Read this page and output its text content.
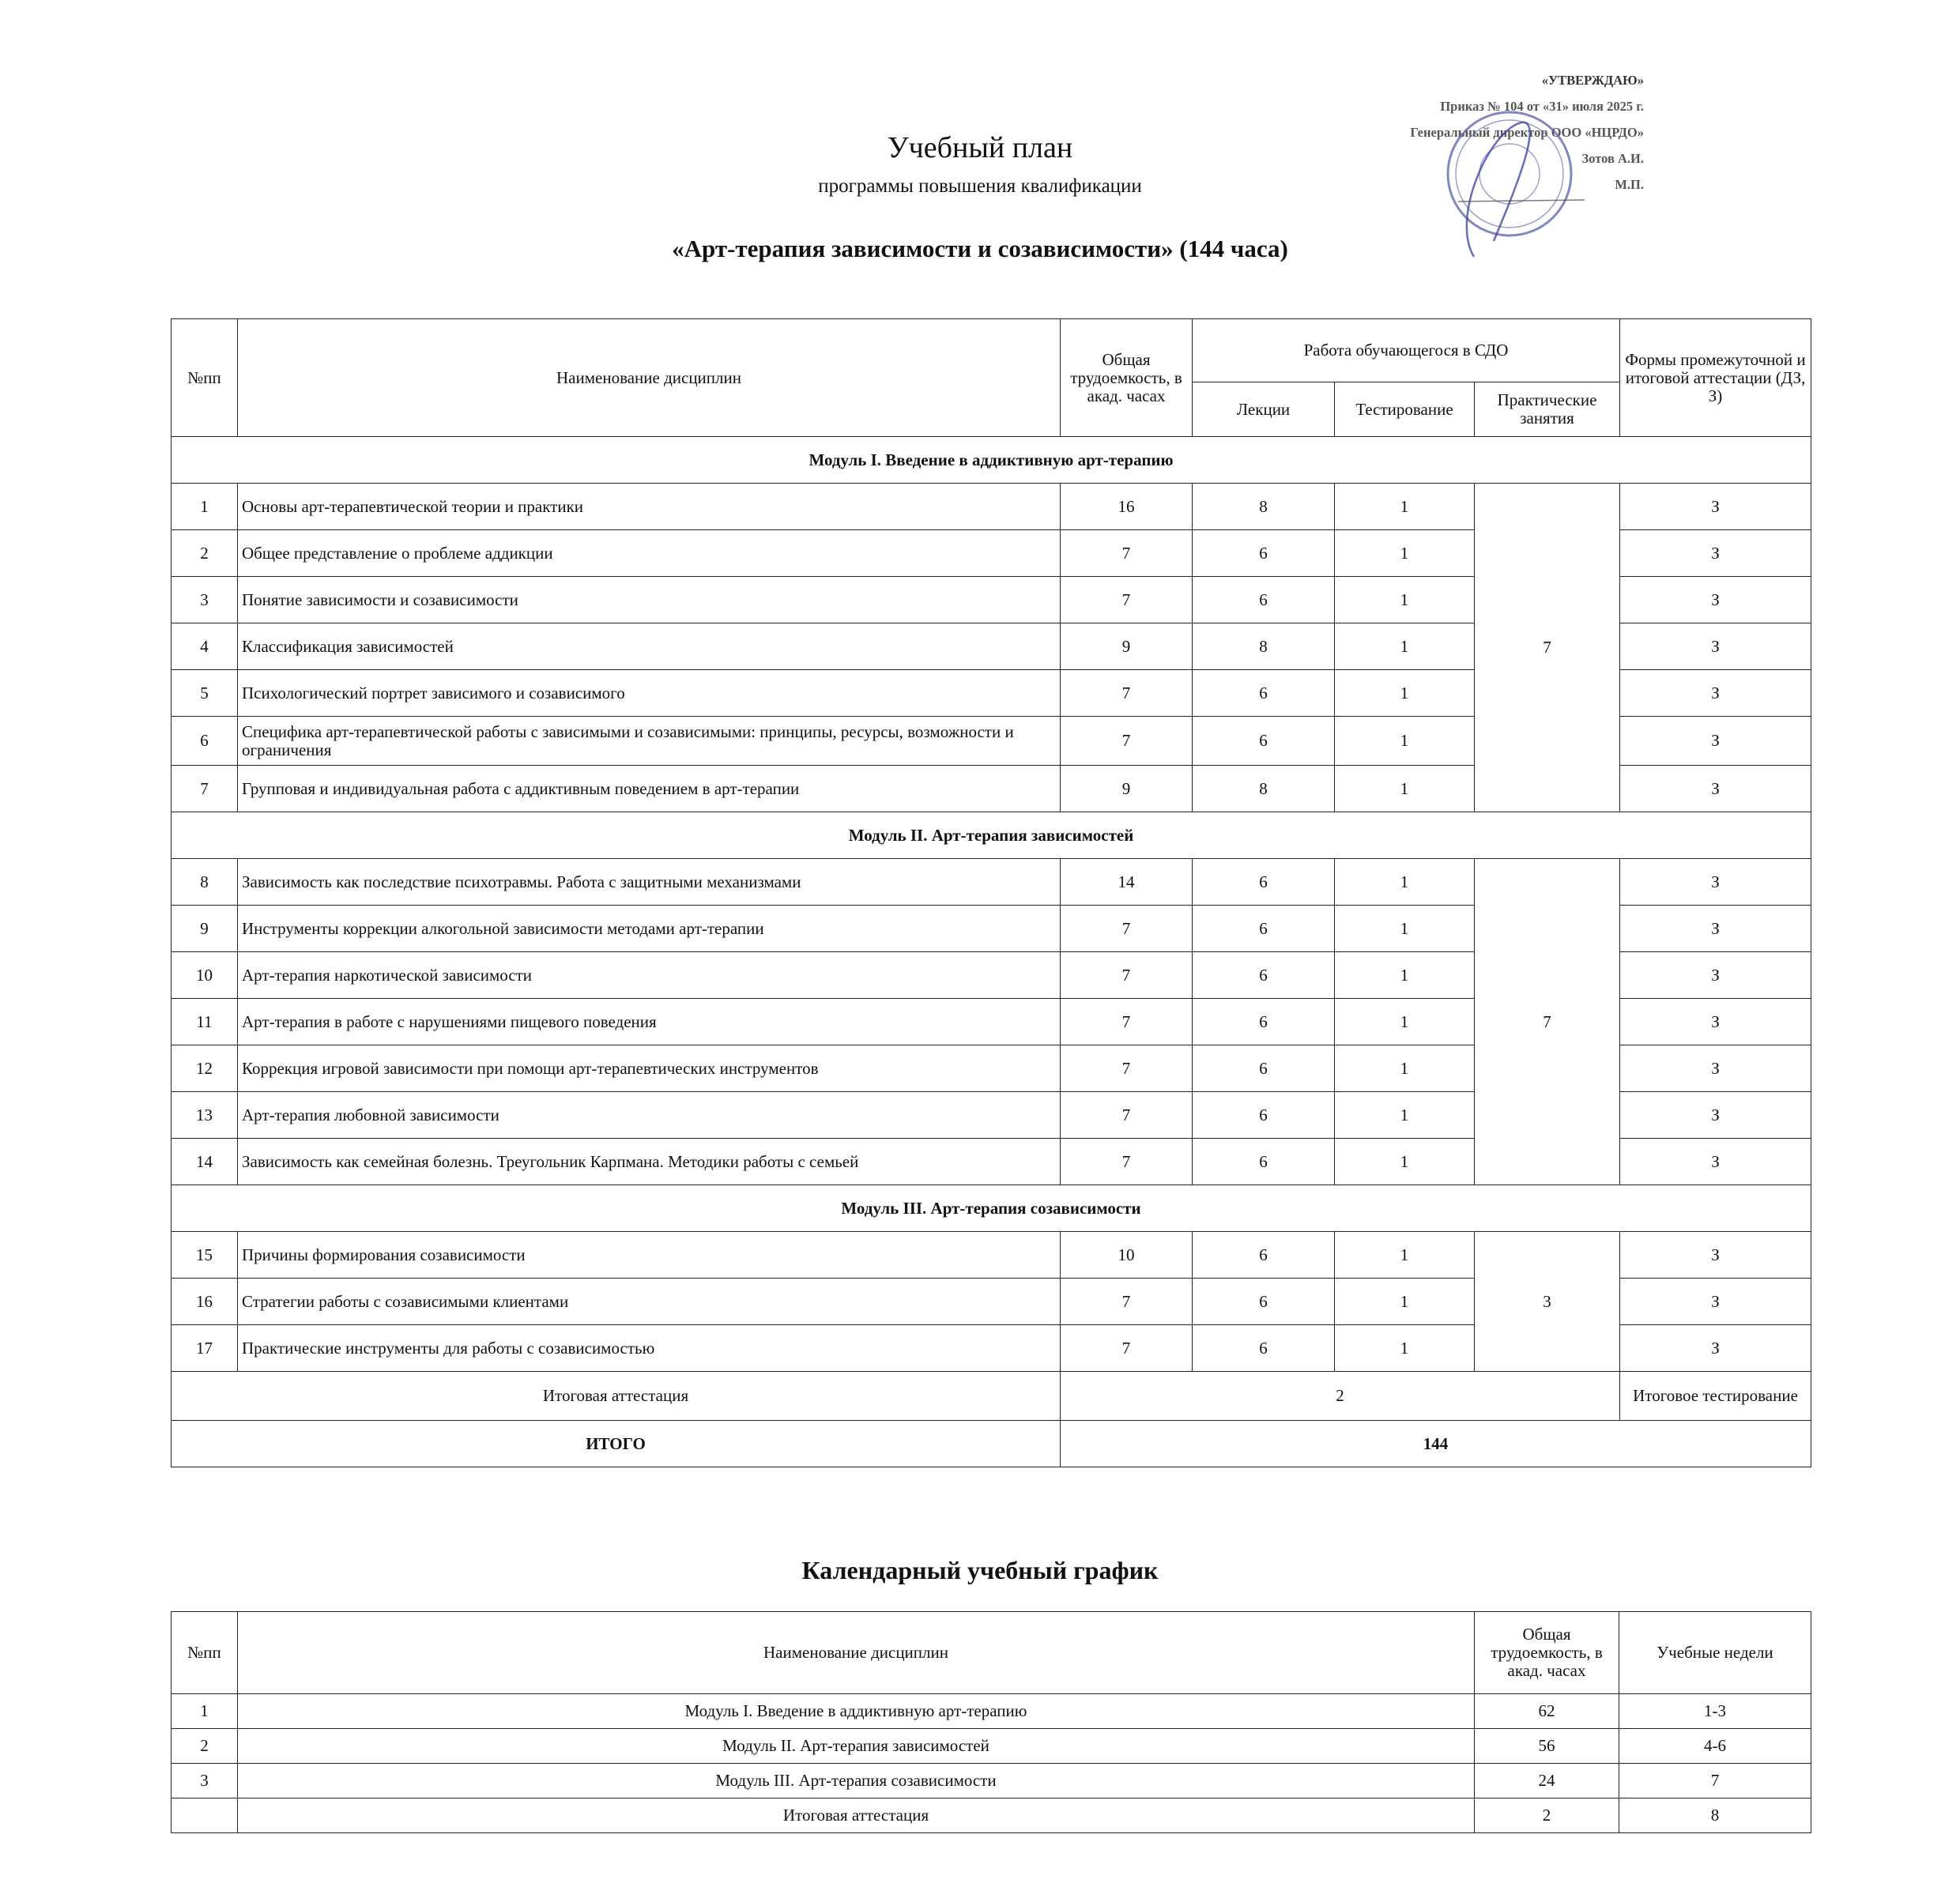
«УТВЕРЖДАЮ»
Приказ № 104 от «31» июля 2025 г.
Генеральный директор ООО «НЦРДО»
Зотов А.И.
М.П.
Учебный план
программы повышения квалификации
«Арт-терапия зависимости и созависимости» (144 часа)
№пп	Наименование дисциплин	Общая трудоемкость, в акад. часах	Работа обучающегося в СДО			Формы промежуточной и итоговой аттестации (ДЗ, З)
			Лекции	Тестирование	Практические занятия	
Модуль I. Введение в аддиктивную арт-терапию						
1	Основы арт-терапевтической теории и практики	16	8	1	7	З
2	Общее представление о проблеме аддикции	7	6	1		З
3	Понятие зависимости и созависимости	7	6	1		З
4	Классификация зависимостей	9	8	1		З
5	Психологический портрет зависимого и созависимого	7	6	1		З
6	Специфика арт-терапевтической работы с зависимыми и созависимыми: принципы, ресурсы, возможности и ограничения	7	6	1		З
7	Групповая и индивидуальная работа с аддиктивным поведением в арт-терапии	9	8	1		З
Модуль II. Арт-терапия зависимостей						
8	Зависимость как последствие психотравмы. Работа с защитными механизмами	14	6	1	7	З
9	Инструменты коррекции алкогольной зависимости методами арт-терапии	7	6	1		З
10	Арт-терапия наркотической зависимости	7	6	1		З
11	Арт-терапия в работе с нарушениями пищевого поведения	7	6	1		З
12	Коррекция игровой зависимости при помощи арт-терапевтических инструментов	7	6	1		З
13	Арт-терапия любовной зависимости	7	6	1		З
14	Зависимость как семейная болезнь. Треугольник Карпмана. Методики работы с семьей	7	6	1		З
Модуль III. Арт-терапия созависимости						
15	Причины формирования созависимости	10	6	1	3	З
16	Стратегии работы с созависимыми клиентами	7	6	1		З
17	Практические инструменты для работы с созависимостью	7	6	1		З
Итоговая аттестация		2				Итоговое тестирование
ИТОГО		144				
Календарный учебный график
№пп	Наименование дисциплин	Общая трудоемкость, в акад. часах	Учебные недели
1	Модуль I. Введение в аддиктивную арт-терапию	62	1-3
2	Модуль II. Арт-терапия зависимостей	56	4-6
3	Модуль III. Арт-терапия созависимости	24	7
	Итоговая аттестация	2	8
